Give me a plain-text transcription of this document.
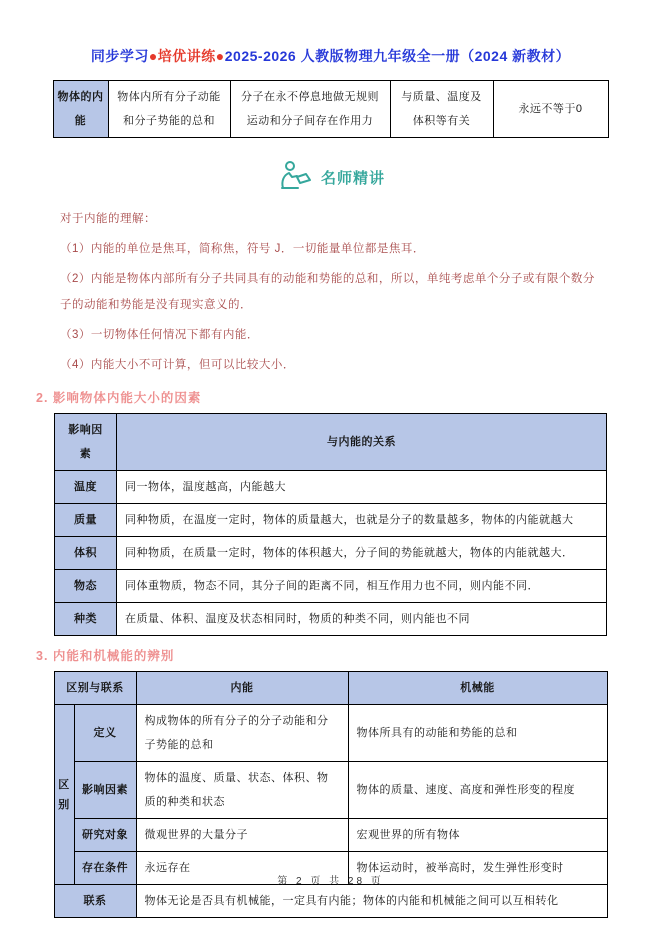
同步学习●培优讲练●2025-2026 人教版物理九年级全一册（2024 新教材）
物体的内能	物体内所有分子动能和分子势能的总和	分子在永不停息地做无规则运动和分子间存在作用力	与质量、温度及体积等有关	永远不等于0
名师精讲

对于内能的理解：

（1）内能的单位是焦耳，简称焦，符号 J．一切能量单位都是焦耳．

（2）内能是物体内部所有分子共同具有的动能和势能的总和，所以，单纯考虑单个分子或有限个数分子的动能和势能是没有现实意义的．

（3）一切物体任何情况下都有内能．

（4）内能大小不可计算，但可以比较大小．

2. 影响物体内能大小的因素
影响因素	与内能的关系
温度	同一物体，温度越高，内能越大
质量	同种物质，在温度一定时，物体的质量越大，也就是分子的数量越多，物体的内能就越大
体积	同种物质，在质量一定时，物体的体积越大，分子间的势能就越大，物体的内能就越大．
物态	同体重物质，物态不同，其分子间的距离不同，相互作用力也不同，则内能不同．
种类	在质量、体积、温度及状态相同时，物质的种类不同，则内能也不同
3. 内能和机械能的辨别
区别与联系		内能	机械能
区别	定义	构成物体的所有分子的分子动能和分子势能的总和	物体所具有的动能和势能的总和
	影响因素	物体的温度、质量、状态、体积、物质的种类和状态	物体的质量、速度、高度和弹性形变的程度
	研究对象	微观世界的大量分子	宏观世界的所有物体
	存在条件	永远存在	物体运动时，被举高时，发生弹性形变时
联系		物体无论是否具有机械能，一定具有内能；物体的内能和机械能之间可以互相转化	
第 2 页 共 28 页
